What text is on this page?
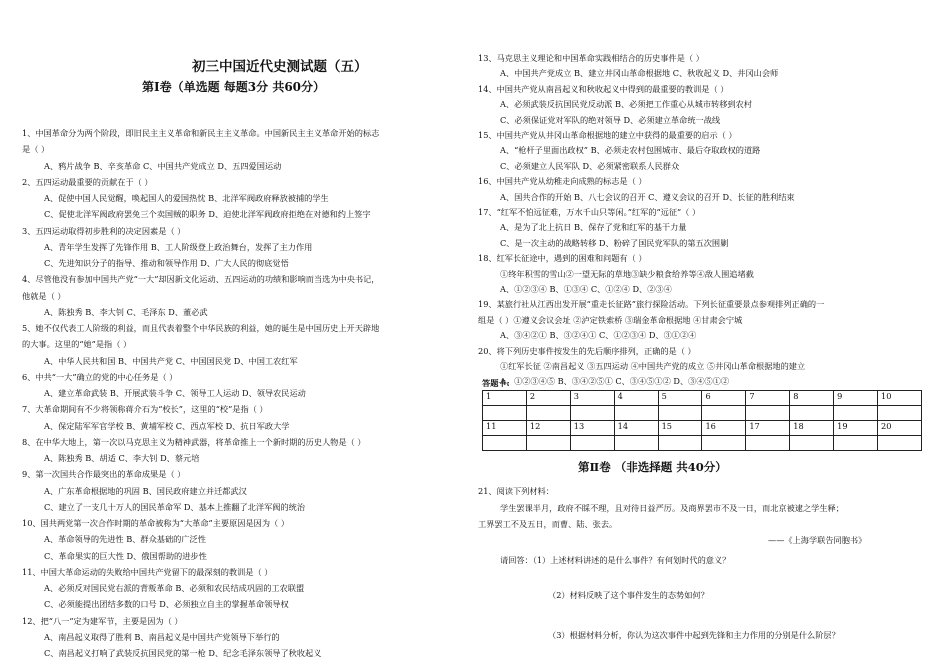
初三中国近代史测试题（五）
第Ⅰ卷（单选题 每题3分 共60分）
1、中国革命分为两个阶段，即旧民主主义革命和新民主主义革命。中国新民主主义革命开始的标志
是（ ）
A、鸦片战争 B、辛亥革命 C、中国共产党成立 D、五四爱国运动
2、五四运动最重要的贡献在于（ ）
A、促使中国人民觉醒，唤起国人的爱国热忱 B、北洋军阀政府释放被捕的学生
C、促使北洋军阀政府罢免三个卖国贼的职务 D、迫使北洋军阀政府拒绝在对德和约上签字
3、五四运动取得初步胜利的决定因素是（ ）
A、青年学生发挥了先锋作用 B、工人阶级登上政治舞台，发挥了主力作用
C、先进知识分子的指导、推动和领导作用 D、广大人民的彻底觉悟
4、尽管他没有参加中国共产党“一大”却因新文化运动、五四运动的功绩和影响而当选为中央书记，
他就是（ ）
A、陈独秀 B、李大钊 C、毛泽东 D、董必武
5、她不仅代表工人阶级的利益，而且代表着整个中华民族的利益，她的诞生是中国历史上开天辟地
的大事。这里的“她”是指（ ）
A、中华人民共和国 B、中国共产党 C、中国国民党 D、中国工农红军
6、中共“一大”确立的党的中心任务是（ ）
A、建立革命武装 B、开展武装斗争 C、领导工人运动 D、领导农民运动
7、大革命期间有不少将领称蒋介石为“校长”，这里的“校”是指（ ）
A、保定陆军军官学校 B、黄埔军校 C、西点军校 D、抗日军政大学
8、在中华大地上，第一次以马克思主义为精神武器，将革命推上一个新时期的历史人物是（ ）
A、陈独秀 B、胡适 C、李大钊 D、蔡元培
9、第一次国共合作最突出的革命成果是（ ）
A、广东革命根据地的巩固 B、国民政府建立并迁都武汉
C、建立了一支几十万人的国民革命军 D、基本上推翻了北洋军阀的统治
10、国共两党第一次合作时期的革命被称为“大革命”主要原因是因为（ ）
A、革命领导的先进性 B、群众基础的广泛性
C、革命果实的巨大性 D、俄国帮助的进步性
11、中国大革命运动的失败给中国共产党留下的最深刻的教训是（ ）
A、必须反对国民党右派的背叛革命 B、必须和农民结成巩固的工农联盟
C、必须能提出团结多数的口号 D、必须独立自主的掌握革命领导权
12、把“八一”定为建军节，主要是因为（ ）
A、南昌起义取得了胜利 B、南昌起义是中国共产党领导下举行的
C、南昌起义打响了武装反抗国民党的第一枪 D、纪念毛泽东领导了秋收起义
13、马克思主义理论和中国革命实践相结合的历史事件是（ ）
A、中国共产党成立 B、建立井冈山革命根据地 C、秋收起义 D、井冈山会师
14、中国共产党从南昌起义和秋收起义中得到的最重要的教训是（ ）
A、必须武装反抗国民党反动派 B、必须把工作重心从城市转移到农村
C、必须保证党对军队的绝对领导 D、必须建立革命统一战线
15、中国共产党从井冈山革命根据地的建立中获得的最重要的启示（ ）
A、“枪杆子里面出政权” B、必须走农村包围城市、最后夺取政权的道路
C、必须建立人民军队 D、必须紧密联系人民群众
16、中国共产党从幼稚走向成熟的标志是（ ）
A、国共合作的开始 B、八七会议的召开 C、遵义会议的召开 D、长征的胜利结束
17、“红军不怕远征难，万水千山只等闲。”红军的“远征”（ ）
A、是为了北上抗日 B、保存了党和红军的基干力量
C、是一次主动的战略转移 D、粉碎了国民党军队的第五次围剿
18、红军长征途中，遇到的困难和问题有（ ）
①终年积雪的雪山②一望无际的草地③缺少粮食给养等④敌人围追堵截
A、①②③④ B、①③④ C、①②④ D、②③④
19、某旅行社从江西出发开展“重走长征路”旅行探险活动。下列长征重要景点参观排列正确的一
组是（ ）①遵义会议会址 ②泸定铁索桥 ③瑞金革命根据地 ④甘肃会宁城
A、③④②① B、③②④① C、①②③④ D、③①②④
20、将下列历史事件按发生的先后顺序排列，正确的是（ ）
①红军长征 ②南昌起义 ③五四运动 ④中国共产党的成立 ⑤井冈山革命根据地的建立
A、①②③④⑤ B、③④②⑤① C、③④⑤①② D、③④⑤①②
答题卡:
1	2	3	4	5	6	7	8	9	10

11	12	13	14	15	16	17	18	19	20

第Ⅱ卷 （非选择题 共40分）
21、阅读下列材料：
学生罢课半月，政府不睬不理，且对待日益严厉。及商界罢市不及一日，而北京被逮之学生释；
工界罢工不及五日，而曹、陆、张去。
——《上海学联告同胞书》
请回答：（1）上述材料讲述的是什么事件？有何划时代的意义？
（2）材料反映了这个事件发生的态势如何？
（3）根据材料分析，你认为这次事件中起到先锋和主力作用的分别是什么阶层？
